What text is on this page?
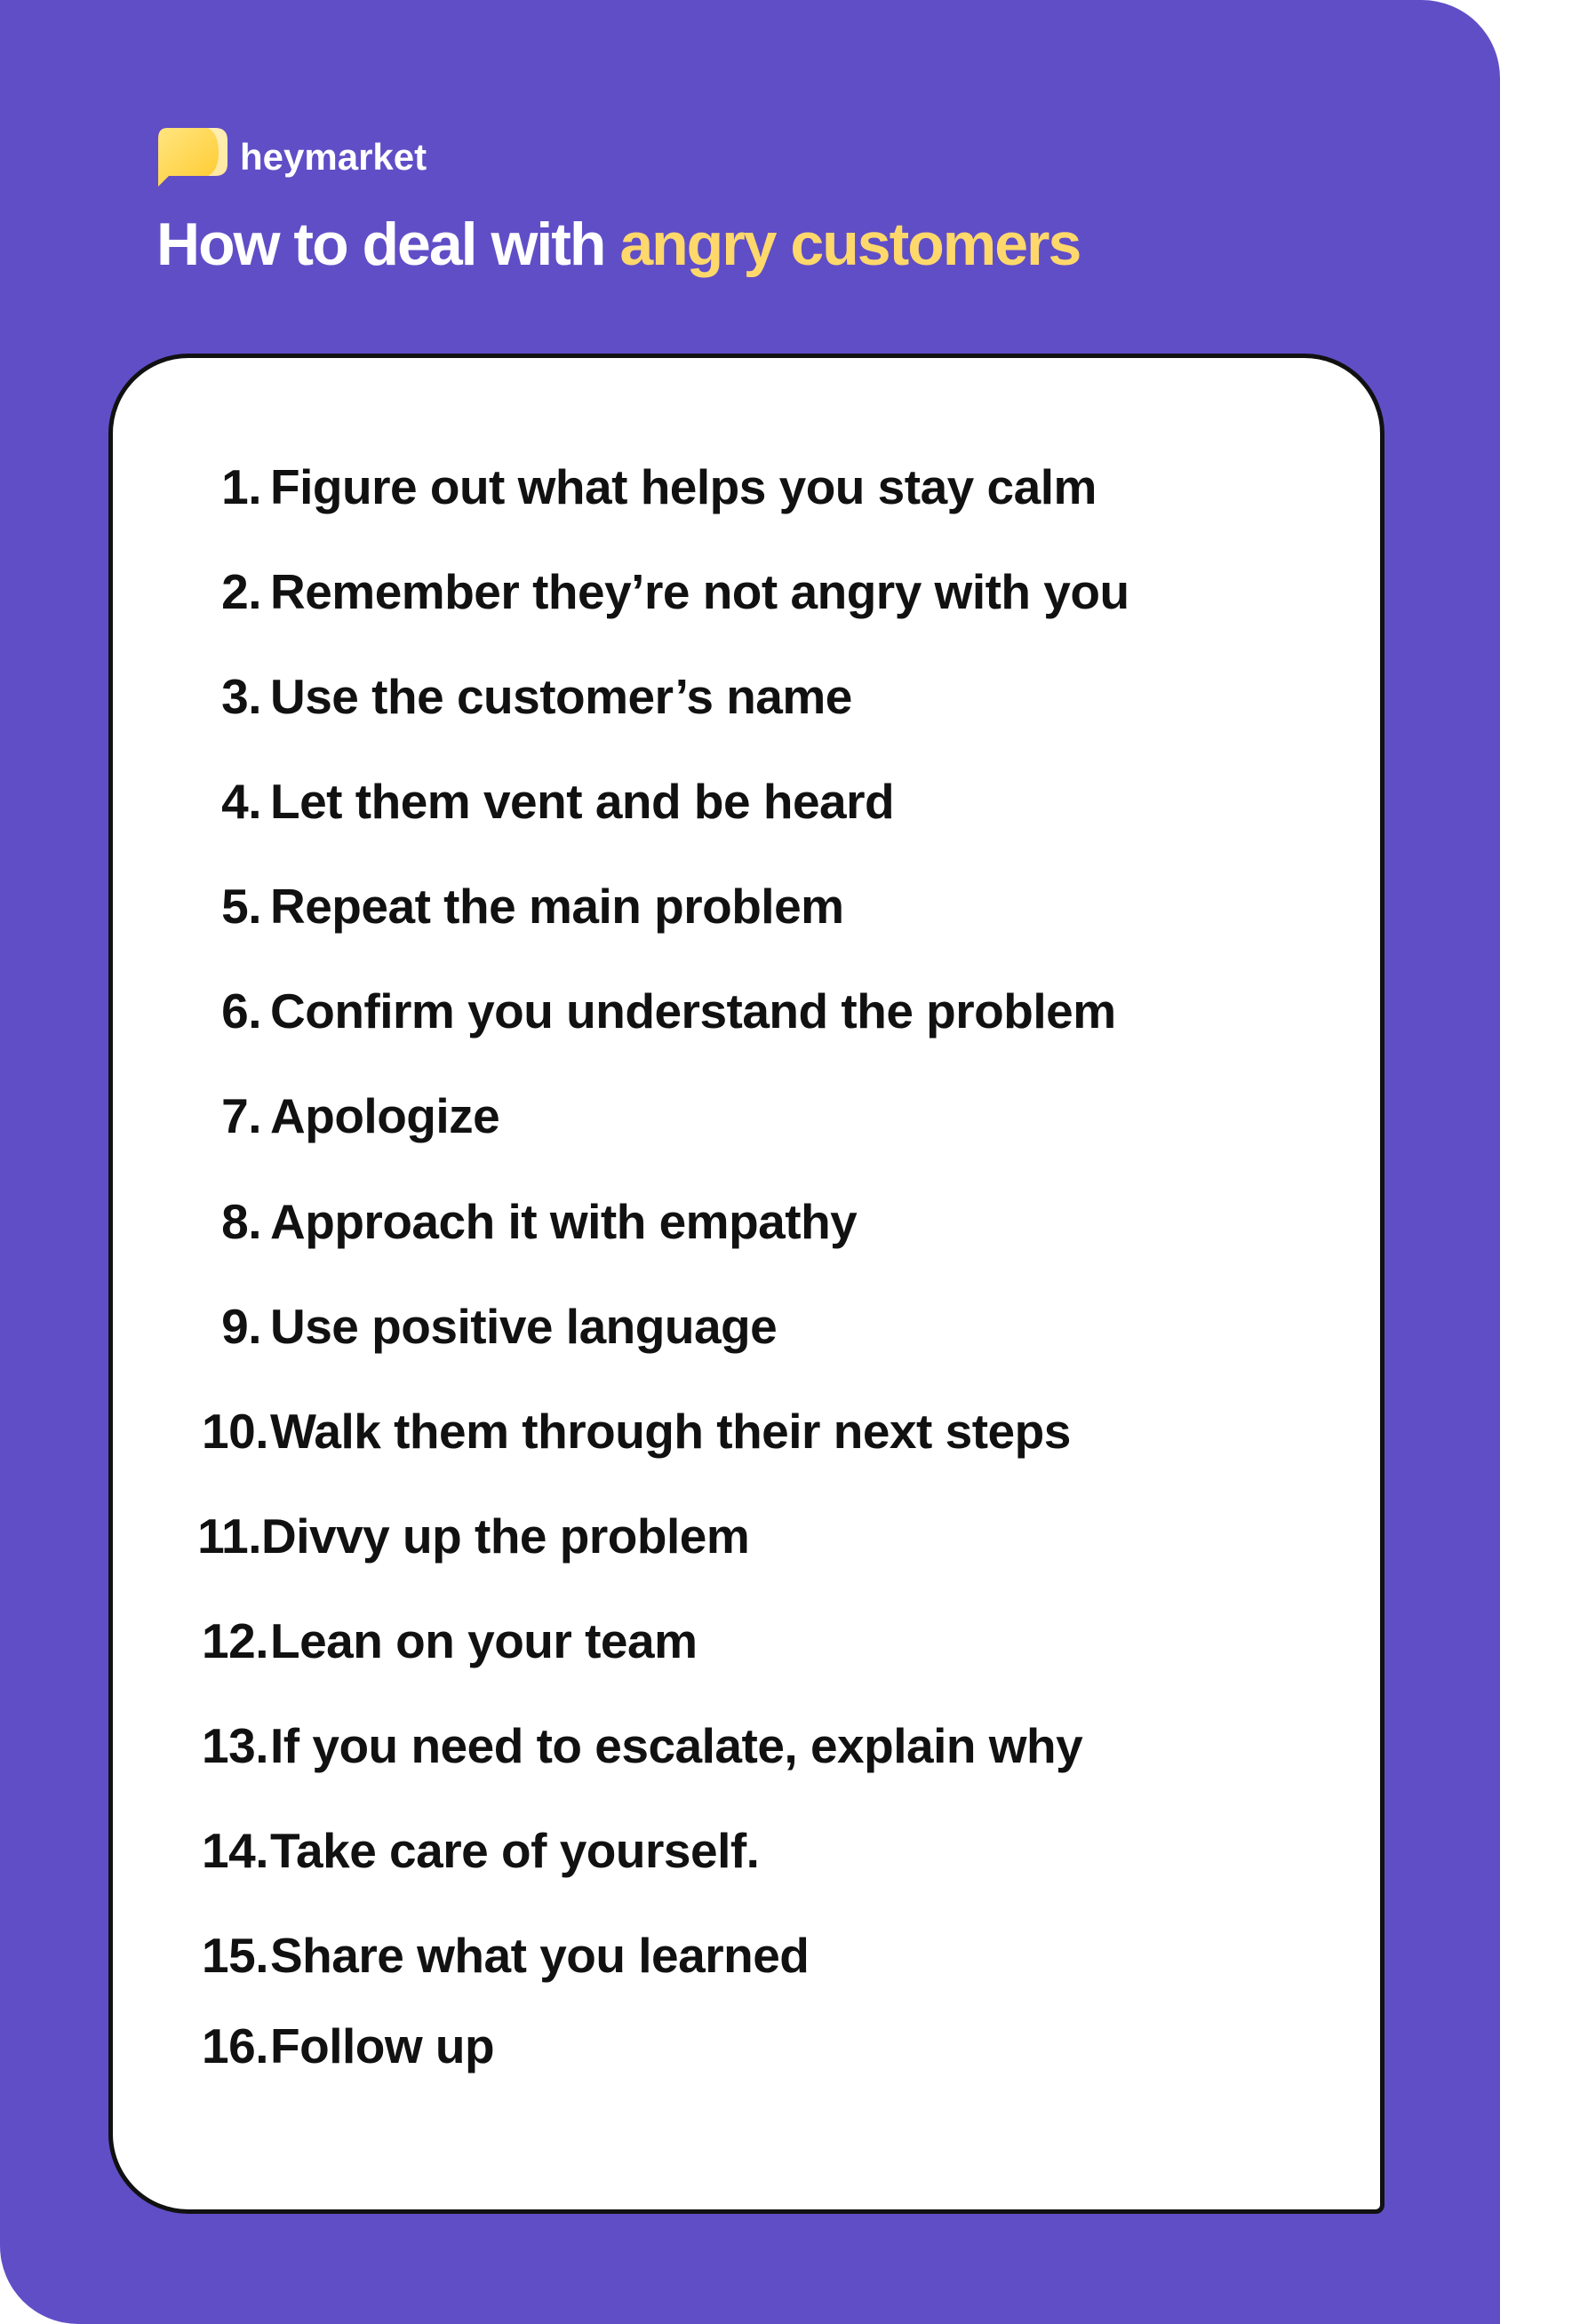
heymarket
How to deal with angry customers
1. Figure out what helps you stay calm
2. Remember they’re not angry with you
3. Use the customer’s name
4. Let them vent and be heard
5. Repeat the main problem
6. Confirm you understand the problem
7. Apologize
8. Approach it with empathy
9. Use positive language
10.Walk them through their next steps
11.Divvy up the problem
12.Lean on your team
13.If you need to escalate, explain why
14.Take care of yourself.
15.Share what you learned
16.Follow up
